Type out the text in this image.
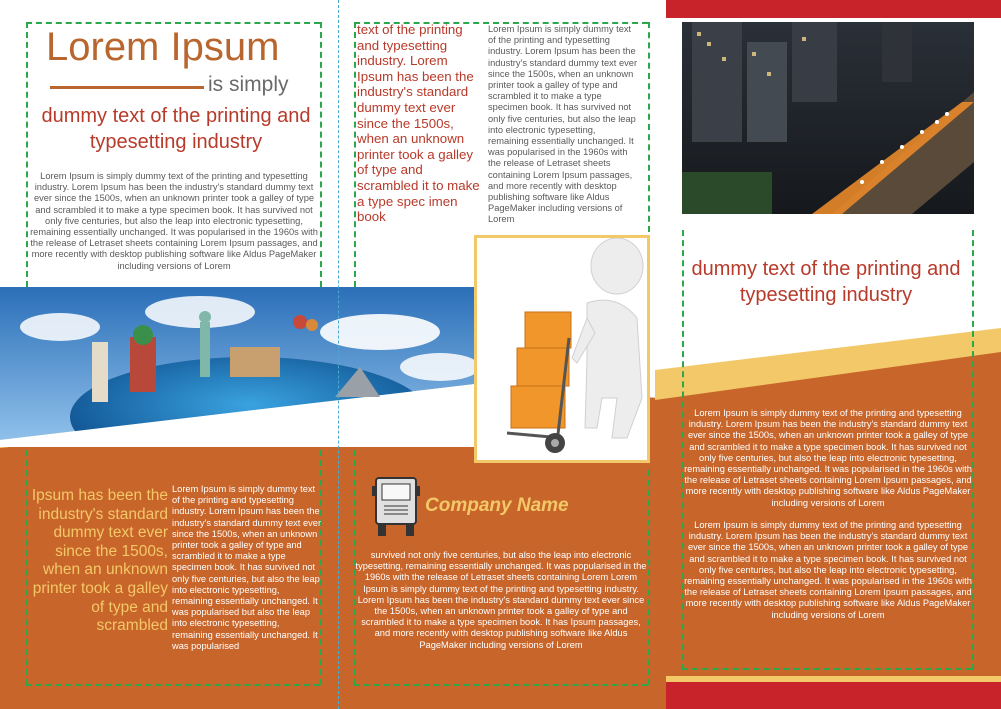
Lorem Ipsum
is simply
dummy text of the printing and typesetting industry
Lorem Ipsum is simply dummy text of the printing and typesetting industry. Lorem Ipsum has been the industry's standard dummy text ever since the 1500s, when an unknown printer took a galley of type and scrambled it to make a type specimen book. It has survived not only five centuries, but also the leap into electronic typesetting, remaining essentially unchanged. It was popularised in the 1960s with the release of Letraset sheets containing Lorem Ipsum passages, and more recently with desktop publishing software like Aldus PageMaker including versions of Lorem
Ipsum has been the industry's standard dummy text ever since the 1500s, when an unknown printer took a galley of type and scrambled
Lorem Ipsum is simply dummy text of the printing and typesetting industry. Lorem Ipsum has been the industry's standard dummy text ever since the 1500s, when an unknown printer took a galley of type and scrambled it to make a type specimen book. It has survived not only five centuries, but also the leap into electronic typesetting, remaining essentially unchanged. It was popularised but also the leap into electronic typesetting, remaining essentially unchanged. It was popularised
text of the printing and typesetting industry. Lorem Ipsum has been the industry's standard dummy text ever since the 1500s, when an unknown printer took a galley of type and scrambled it to make a type spec imen book
Lorem Ipsum is simply dummy text of the printing and typesetting industry. Lorem Ipsum has been the industry's standard dummy text ever since the 1500s, when an unknown printer took a galley of type and scrambled it to make a type specimen book. It has survived not only five centuries, but also the leap into electronic typesetting, remaining essentially unchanged. It was popularised in the 1960s with the release of Letraset sheets containing Lorem Ipsum passages, and more recently with desktop publishing software like Aldus PageMaker including versions of Lorem
Company Name
survived not only five centuries, but also the leap into electronic typesetting, remaining essentially unchanged. It was popularised in the 1960s with the release of Letraset sheets containing Lorem Lorem Ipsum is simply dummy text of the printing and typesetting industry. Lorem Ipsum has been the industry's standard dummy text ever since the 1500s, when an unknown printer took a galley of type and scrambled it to make a type specimen book. It has Ipsum passages, and more recently with desktop publishing software like Aldus PageMaker including versions of Lorem
dummy text of the printing and typesetting industry
Lorem Ipsum is simply dummy text of the printing and typesetting industry. Lorem Ipsum has been the industry's standard dummy text ever since the 1500s, when an unknown printer took a galley of type and scrambled it to make a type specimen book. It has survived not only five centuries, but also the leap into electronic typesetting, remaining essentially unchanged. It was popularised in the 1960s with the release of Letraset sheets containing Lorem Ipsum passages, and more recently with desktop publishing software like Aldus PageMaker including versions of Lorem
Lorem Ipsum is simply dummy text of the printing and typesetting industry. Lorem Ipsum has been the industry's standard dummy text ever since the 1500s, when an unknown printer took a galley of type and scrambled it to make a type specimen book. It has survived not only five centuries, but also the leap into electronic typesetting, remaining essentially unchanged. It was popularised in the 1960s with the release of Letraset sheets containing Lorem Ipsum passages, and more recently with desktop publishing software like Aldus PageMaker including versions of Lorem
